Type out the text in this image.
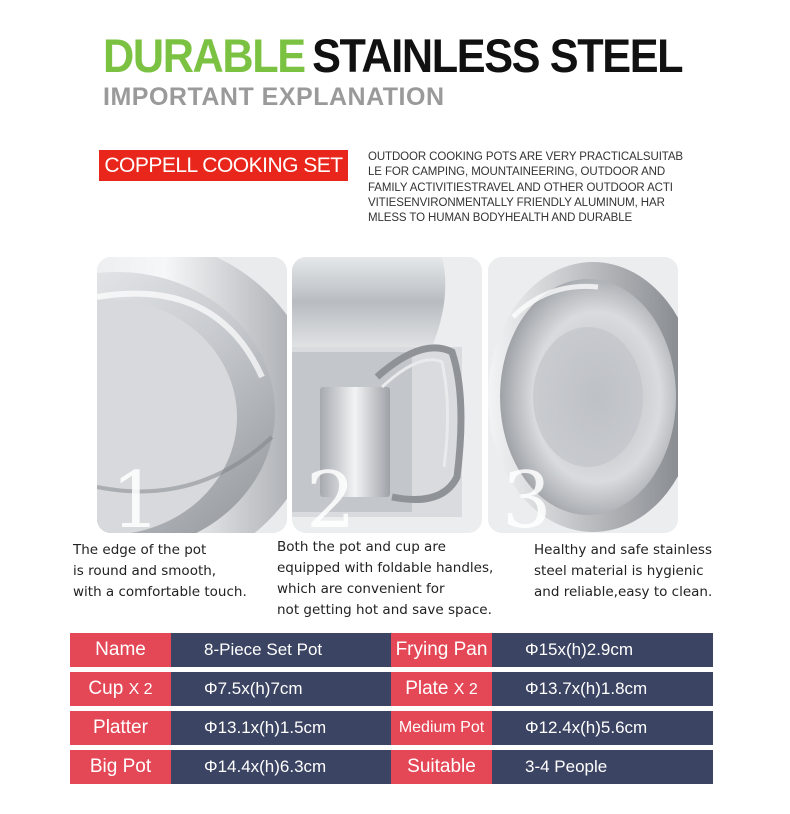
DURABLE STAINLESS STEEL
IMPORTANT EXPLANATION
COPPELL COOKING SET	OUTDOOR COOKING POTS ARE VERY PRACTICALSUITAB
LE FOR CAMPING, MOUNTAINEERING, OUTDOOR AND
FAMILY ACTIVITIESTRAVEL AND OTHER OUTDOOR ACTI
VITIESENVIRONMENTALLY FRIENDLY ALUMINUM, HAR
MLESS TO HUMAN BODYHEALTH AND DURABLE
1 2 3
The edge of the pot
is round and smooth,
with a comfortable touch.
Both the pot and cup are
equipped with foldable handles,
which are convenient for
not getting hot and save space.
Healthy and safe stainless
steel material is hygienic
and reliable,easy to clean.
Name	8-Piece Set Pot	Frying Pan	Φ15x(h)2.9cm
Cup X 2	Φ7.5x(h)7cm	Plate X 2	Φ13.7x(h)1.8cm
Platter	Φ13.1x(h)1.5cm	Medium Pot	Φ12.4x(h)5.6cm
Big Pot	Φ14.4x(h)6.3cm	Suitable	3-4 People
